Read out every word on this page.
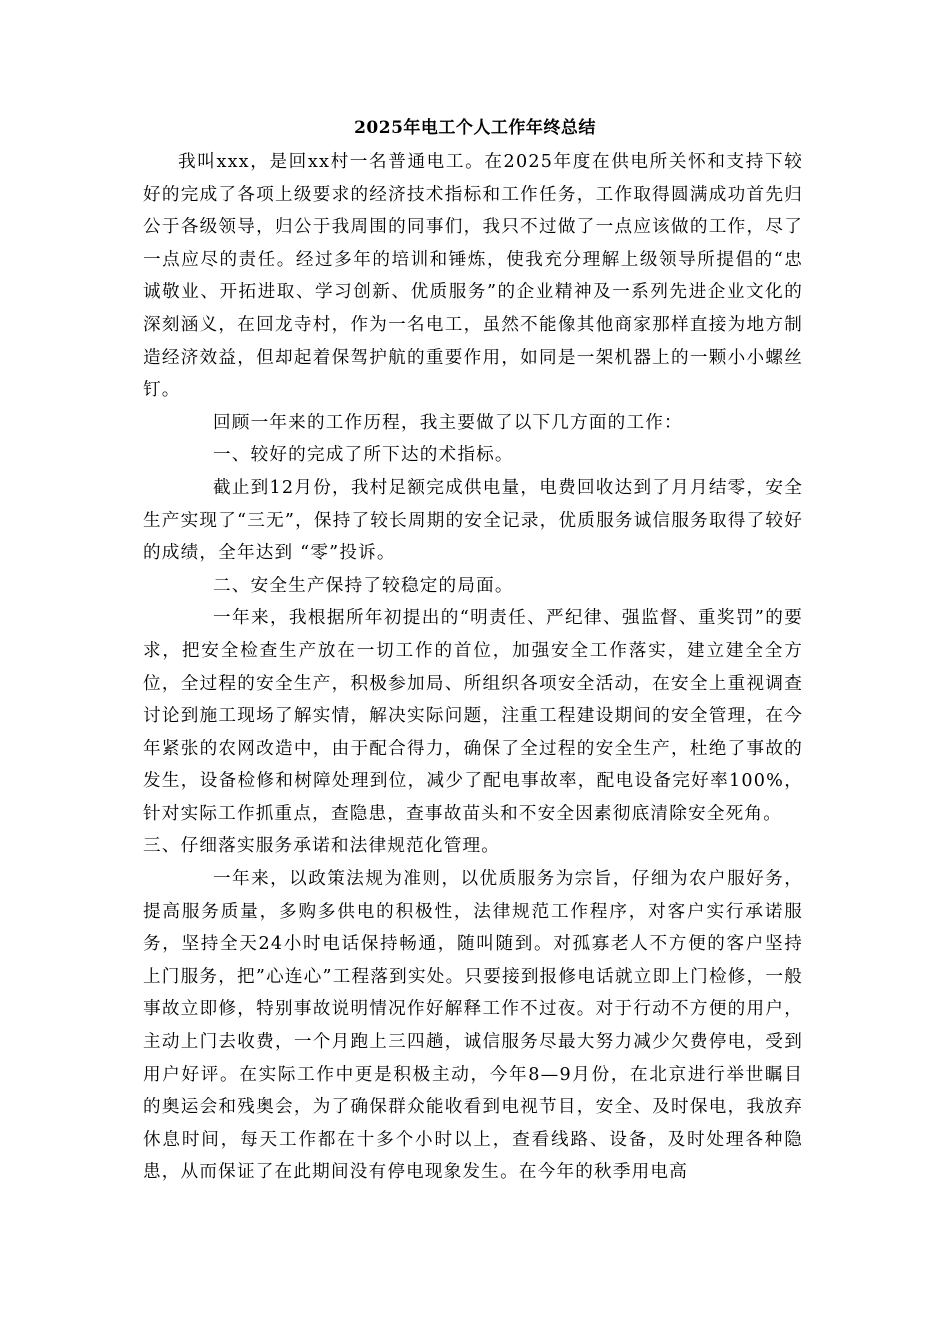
2025年电工个人工作年终总结

我叫xxx，是回xx村一名普通电工。在2025年度在供电所关怀和支持下较好的完成了各项上级要求的经济技术指标和工作任务，工作取得圆满成功首先归公于各级领导，归公于我周围的同事们，我只不过做了一点应该做的工作，尽了一点应尽的责任。经过多年的培训和锤炼，使我充分理解上级领导所提倡的“忠诚敬业、开拓进取、学习创新、优质服务”的企业精神及一系列先进企业文化的深刻涵义，在回龙寺村，作为一名电工，虽然不能像其他商家那样直接为地方制造经济效益，但却起着保驾护航的重要作用，如同是一架机器上的一颗小小螺丝钉。

回顾一年来的工作历程，我主要做了以下几方面的工作：

一、较好的完成了所下达的术指标。

截止到12月份，我村足额完成供电量，电费回收达到了月月结零，安全生产实现了“三无”，保持了较长周期的安全记录，优质服务诚信服务取得了较好的成绩，全年达到 “零”投诉。

二、安全生产保持了较稳定的局面。

一年来，我根据所年初提出的“明责任、严纪律、强监督、重奖罚”的要求，把安全检查生产放在一切工作的首位，加强安全工作落实，建立建全全方位，全过程的安全生产，积极参加局、所组织各项安全活动，在安全上重视调查讨论到施工现场了解实情，解决实际问题，注重工程建设期间的安全管理，在今年紧张的农网改造中，由于配合得力，确保了全过程的安全生产，杜绝了事故的发生，设备检修和树障处理到位，减少了配电事故率，配电设备完好率100%，针对实际工作抓重点，查隐患，查事故苗头和不安全因素彻底清除安全死角。

三、仔细落实服务承诺和法律规范化管理。

一年来，以政策法规为准则，以优质服务为宗旨，仔细为农户服好务，提高服务质量，多购多供电的积极性，法律规范工作程序，对客户实行承诺服务，坚持全天24小时电话保持畅通，随叫随到。对孤寡老人不方便的客户坚持上门服务，把”心连心”工程落到实处。只要接到报修电话就立即上门检修，一般事故立即修，特别事故说明情况作好解释工作不过夜。对于行动不方便的用户，主动上门去收费，一个月跑上三四趟，诚信服务尽最大努力减少欠费停电，受到用户好评。在实际工作中更是积极主动，今年8—9月份，在北京进行举世瞩目的奥运会和残奥会，为了确保群众能收看到电视节目，安全、及时保电，我放弃休息时间，每天工作都在十多个小时以上，查看线路、设备，及时处理各种隐患，从而保证了在此期间没有停电现象发生。在今年的秋季用电高
